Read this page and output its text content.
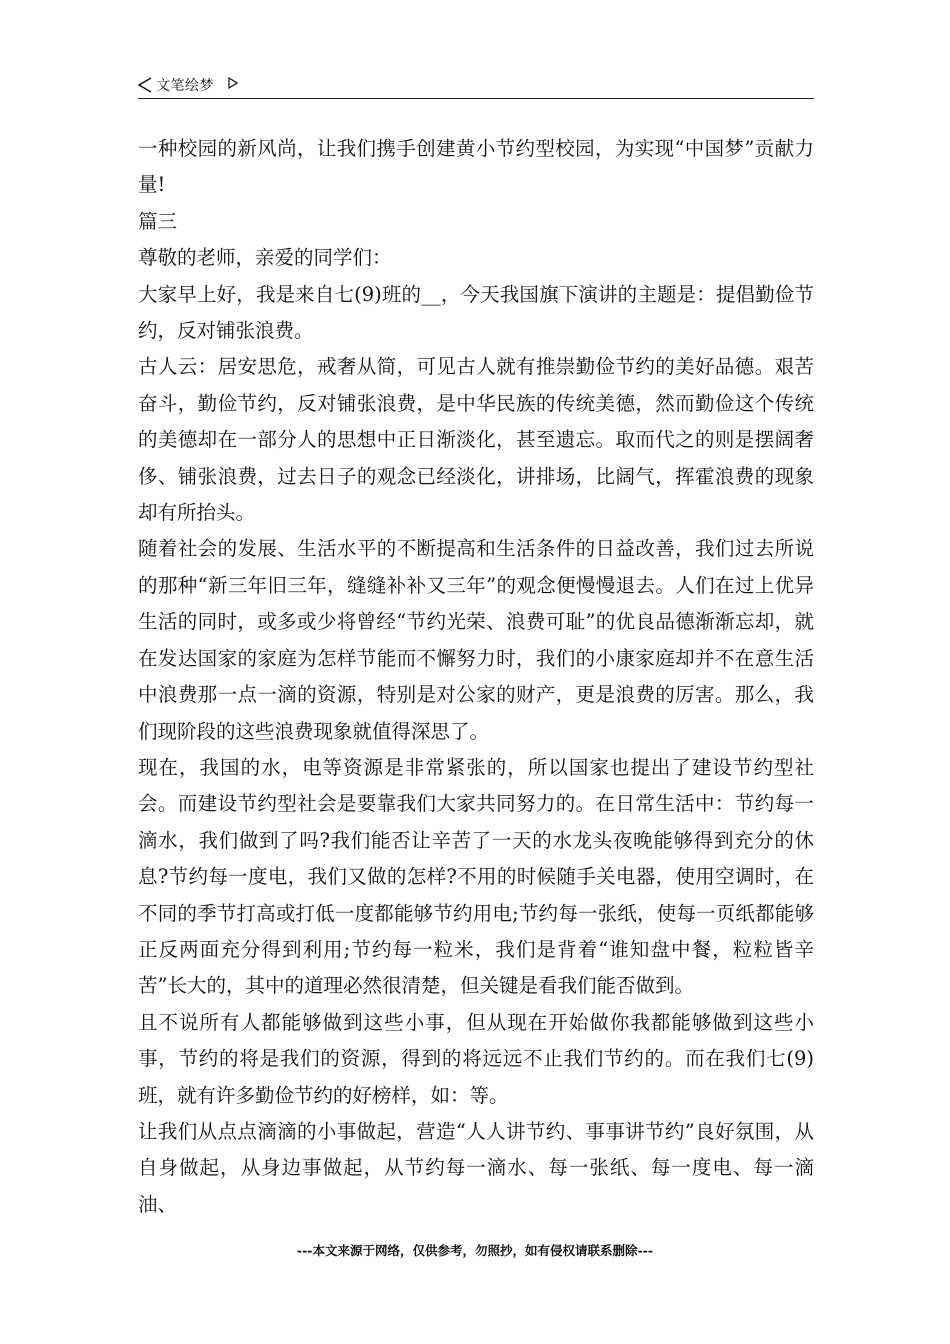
文笔绘梦

一种校园的新风尚，让我们携手创建黄小节约型校园，为实现“中国梦”贡献力量!

篇三

尊敬的老师，亲爱的同学们：

大家早上好，我是来自七(9)班的__，今天我国旗下演讲的主题是：提倡勤俭节约，反对铺张浪费。

古人云：居安思危，戒奢从简，可见古人就有推崇勤俭节约的美好品德。艰苦奋斗，勤俭节约，反对铺张浪费，是中华民族的传统美德，然而勤俭这个传统的美德却在一部分人的思想中正日渐淡化，甚至遗忘。取而代之的则是摆阔奢侈、铺张浪费，过去日子的观念已经淡化，讲排场，比阔气，挥霍浪费的现象却有所抬头。

随着社会的发展、生活水平的不断提高和生活条件的日益改善，我们过去所说的那种“新三年旧三年，缝缝补补又三年”的观念便慢慢退去。人们在过上优异生活的同时，或多或少将曾经“节约光荣、浪费可耻”的优良品德渐渐忘却，就在发达国家的家庭为怎样节能而不懈努力时，我们的小康家庭却并不在意生活中浪费那一点一滴的资源，特别是对公家的财产，更是浪费的厉害。那么，我们现阶段的这些浪费现象就值得深思了。

现在，我国的水，电等资源是非常紧张的，所以国家也提出了建设节约型社会。而建设节约型社会是要靠我们大家共同努力的。在日常生活中：节约每一滴水，我们做到了吗?我们能否让辛苦了一天的水龙头夜晚能够得到充分的休息?节约每一度电，我们又做的怎样?不用的时候随手关电器，使用空调时，在不同的季节打高或打低一度都能够节约用电;节约每一张纸，使每一页纸都能够正反两面充分得到利用;节约每一粒米，我们是背着“谁知盘中餐，粒粒皆辛苦”长大的，其中的道理必然很清楚，但关键是看我们能否做到。

且不说所有人都能够做到这些小事，但从现在开始做你我都能够做到这些小事，节约的将是我们的资源，得到的将远远不止我们节约的。而在我们七(9)班，就有许多勤俭节约的好榜样，如：等。

让我们从点点滴滴的小事做起，营造“人人讲节约、事事讲节约”良好氛围，从自身做起，从身边事做起，从节约每一滴水、每一张纸、每一度电、每一滴油、

---本文来源于网络，仅供参考，勿照抄，如有侵权请联系删除---
